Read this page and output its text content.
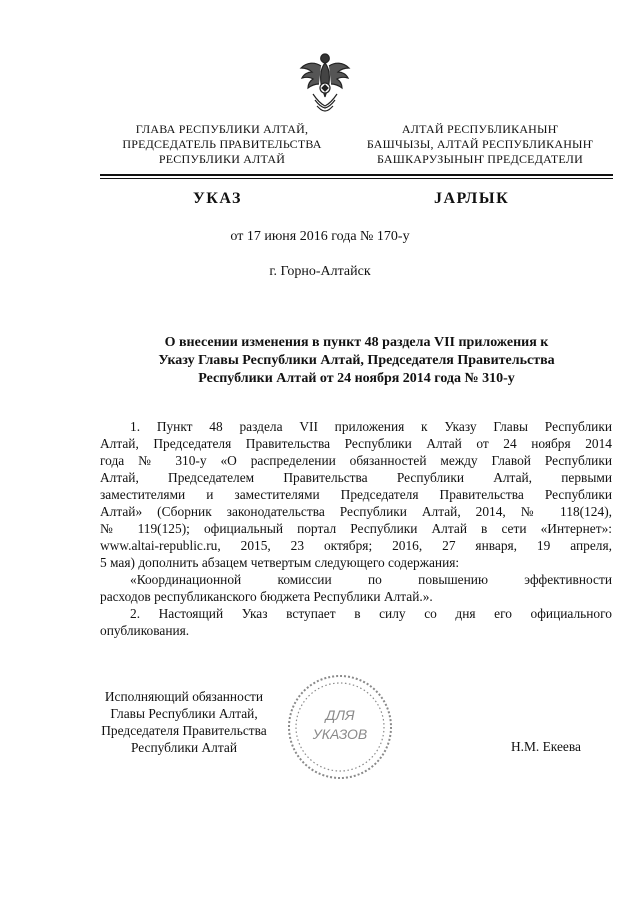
ГЛАВА РЕСПУБЛИКИ АЛТАЙ,
ПРЕДСЕДАТЕЛЬ ПРАВИТЕЛЬСТВА
РЕСПУБЛИКИ АЛТАЙ
АЛТАЙ РЕСПУБЛИКАНЫҤ
БАШЧЫЗЫ, АЛТАЙ РЕСПУБЛИКАНЫҤ
БАШКАРУЗЫНЫҤ ПРЕДСЕДАТЕЛИ
УКАЗ	JАРЛЫК
от 17 июня 2016 года № 170-у
г. Горно-Алтайск
О внесении изменения в пункт 48 раздела VII приложения к
Указу Главы Республики Алтай, Председателя Правительства
Республики Алтай от 24 ноября 2014 года № 310-у
1. Пункт 48 раздела VII приложения к Указу Главы Республики
Алтай, Председателя Правительства Республики Алтай от 24 ноября 2014
года № 310-у «О распределении обязанностей между Главой Республики
Алтай, Председателем Правительства Республики Алтай, первыми
заместителями и заместителями Председателя Правительства Республики
Алтай» (Сборник законодательства Республики Алтай, 2014, № 118(124),
№ 119(125); официальный портал Республики Алтай в сети «Интернет»:
www.altai-republic.ru, 2015, 23 октября; 2016, 27 января, 19 апреля,
5 мая) дополнить абзацем четвертым следующего содержания:
«Координационной комиссии по повышению эффективности
расходов республиканского бюджета Республики Алтай.».
2. Настоящий Указ вступает в силу со дня его официального
опубликования.
Исполняющий обязанности
Главы Республики Алтай,
Председателя Правительства
Республики Алтай
ДЛЯ
УКАЗОВ
Н.М. Екеева
